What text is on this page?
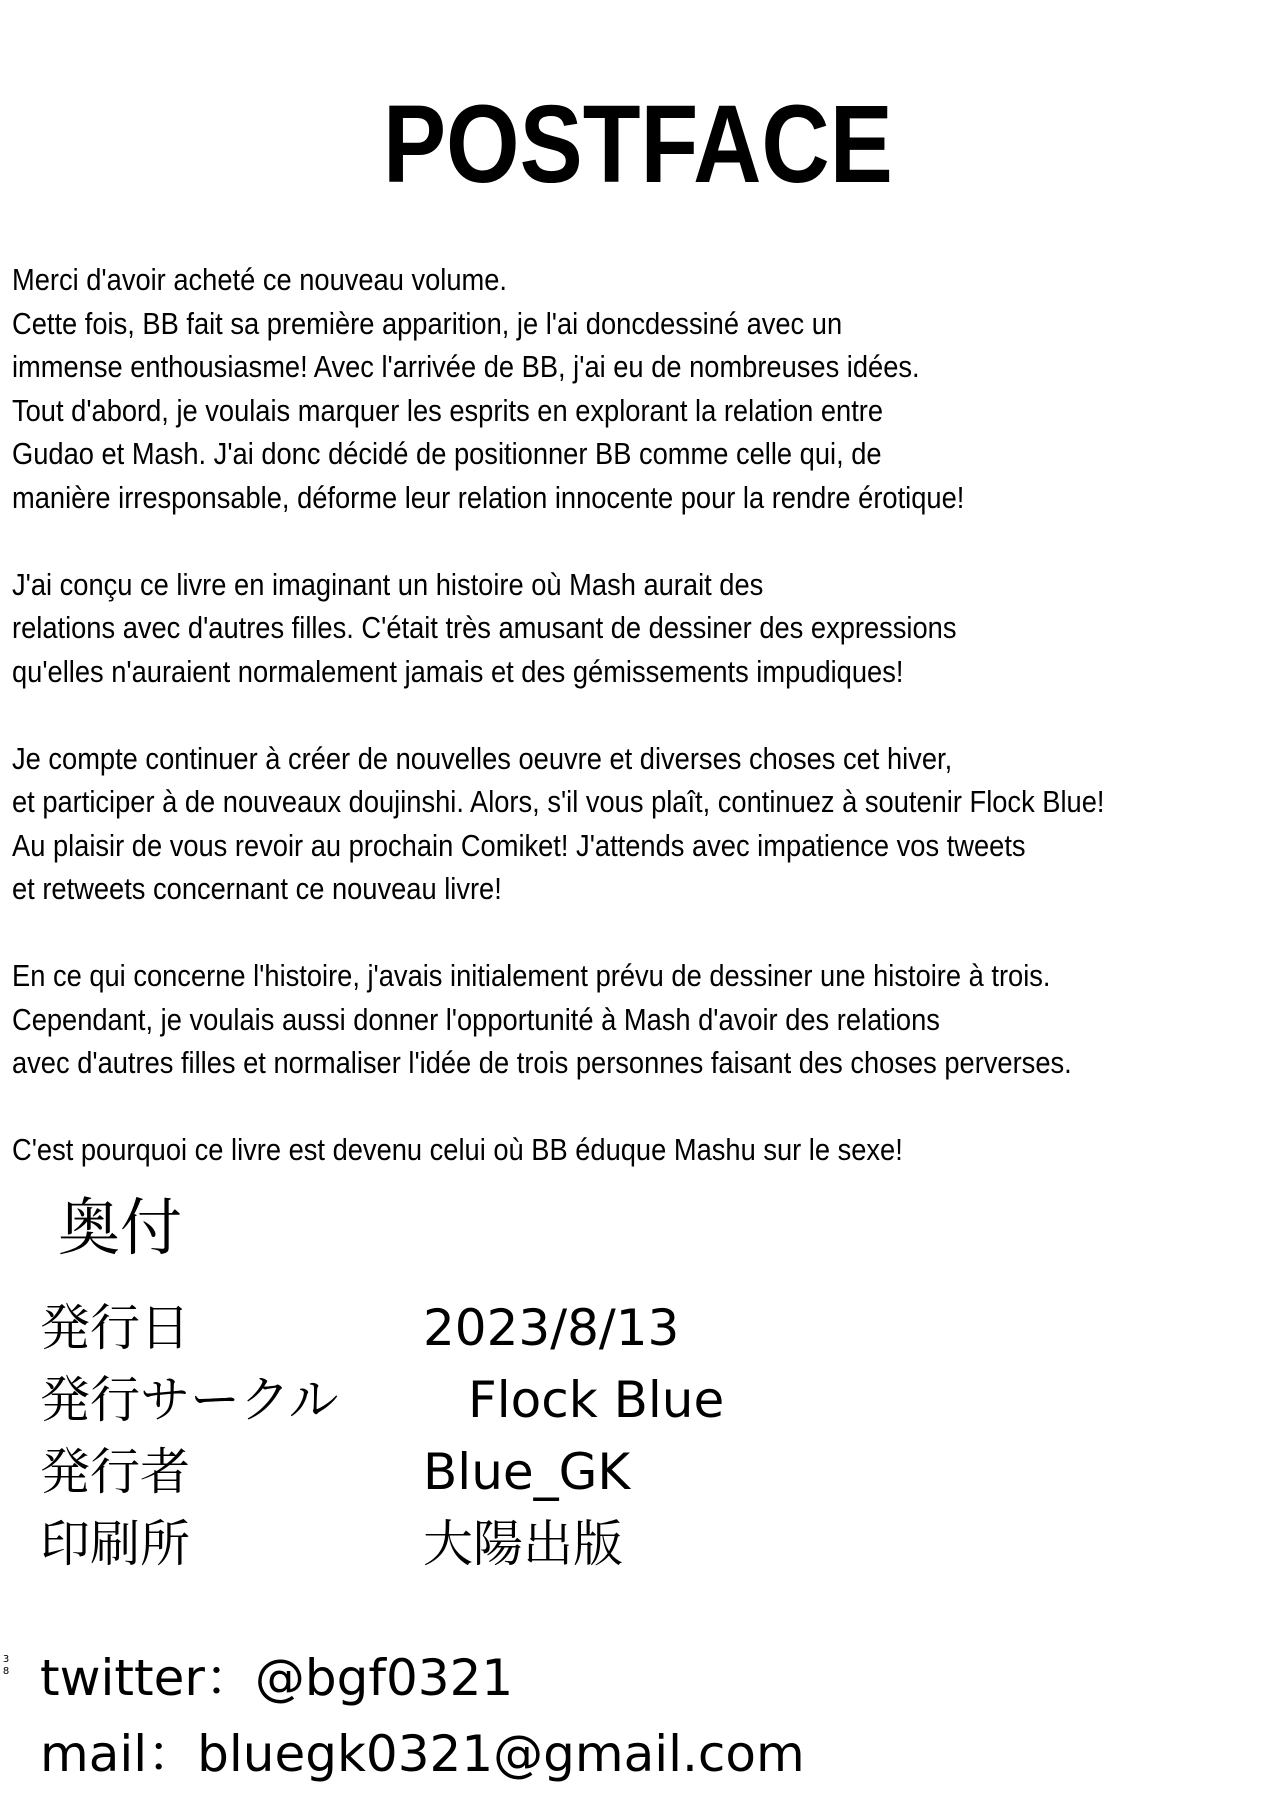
POSTFACE
Merci d'avoir acheté ce nouveau volume.
Cette fois, BB fait sa première apparition, je l'ai doncdessiné avec un
immense enthousiasme! Avec l'arrivée de BB, j'ai eu de nombreuses idées.
Tout d'abord, je voulais marquer les esprits en explorant la relation entre
Gudao et Mash. J'ai donc décidé de positionner BB comme celle qui, de
manière irresponsable, déforme leur relation innocente pour la rendre érotique!
J'ai conçu ce livre en imaginant un histoire où Mash aurait des
relations avec d'autres filles. C'était très amusant de dessiner des expressions
qu'elles n'auraient normalement jamais et des gémissements impudiques!
Je compte continuer à créer de nouvelles oeuvre et diverses choses cet hiver,
et participer à de nouveaux doujinshi. Alors, s'il vous plaît, continuez à soutenir Flock Blue!
Au plaisir de vous revoir au prochain Comiket! J'attends avec impatience vos tweets
et retweets concernant ce nouveau livre!
En ce qui concerne l'histoire, j'avais initialement prévu de dessiner une histoire à trois.
Cependant, je voulais aussi donner l'opportunité à Mash d'avoir des relations
avec d'autres filles et normaliser l'idée de trois personnes faisant des choses perverses.
C'est pourquoi ce livre est devenu celui où BB éduque Mashu sur le sexe!
奥付
発行日	2023/8/13
発行サークル	Flock Blue
発行者	Blue_GK
印刷所	大陽出版
3
8 twitter：@bgf0321
mail：bluegk0321@gmail.com
